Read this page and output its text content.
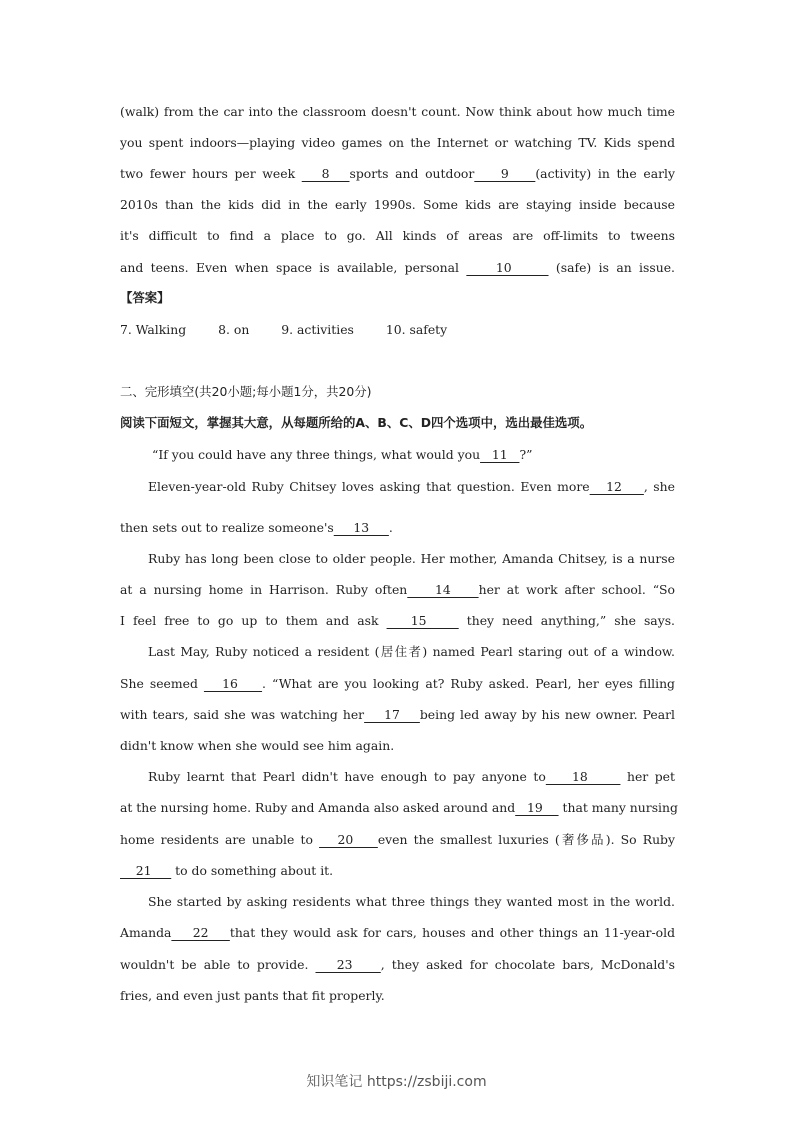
(walk) from the car into the classroom doesn't count. Now think about how much time
you spent indoors—playing video games on the Internet or watching TV. Kids spend
two fewer hours per week    8   sports and outdoor    9    (activity) in the early
2010s than the kids did in the early 1990s. Some kids are staying inside because
it's difficult to find a place to go. All kinds of areas are off-limits to tweens
and teens. Even when space is available, personal     10      (safe) is an issue.
【答案】
7. Walking	8. on	9. activities	10. safety
二、完形填空(共20小题;每小题1分，共20分)
阅读下面短文，掌握其大意，从每题所给的A、B、C、D四个选项中，选出最佳选项。
“If you could have any three things, what would you   11   ?”
Eleven-year-old Ruby Chitsey loves asking that question. Even more   12    , she
then sets out to realize someone's     13     .
Ruby has long been close to older people. Her mother, Amanda Chitsey, is a nurse
at a nursing home in Harrison. Ruby often    14    her at work after school. “So
I feel free to go up to them and ask    15     they need anything,” she says.
Last May, Ruby noticed a resident (居住者) named Pearl staring out of a window.
She seemed    16    . “What are you looking at? Ruby asked. Pearl, her eyes filling
with tears, said she was watching her    17    being led away by his new owner. Pearl
didn't know when she would see him again.
Ruby learnt that Pearl didn't have enough to pay anyone to    18      her pet
at the nursing home. Ruby and Amanda also asked around and   19     that many nursing
home residents are unable to    20    even the smallest luxuries (奢侈品). So Ruby
21      to do something about it.
She started by asking residents what three things they wanted most in the world.
Amanda    22    that they would ask for cars, houses and other things an 11-year-old
wouldn't be able to provide.    23    , they asked for chocolate bars, McDonald's
fries, and even just pants that fit properly.
知识笔记 https://zsbiji.com
